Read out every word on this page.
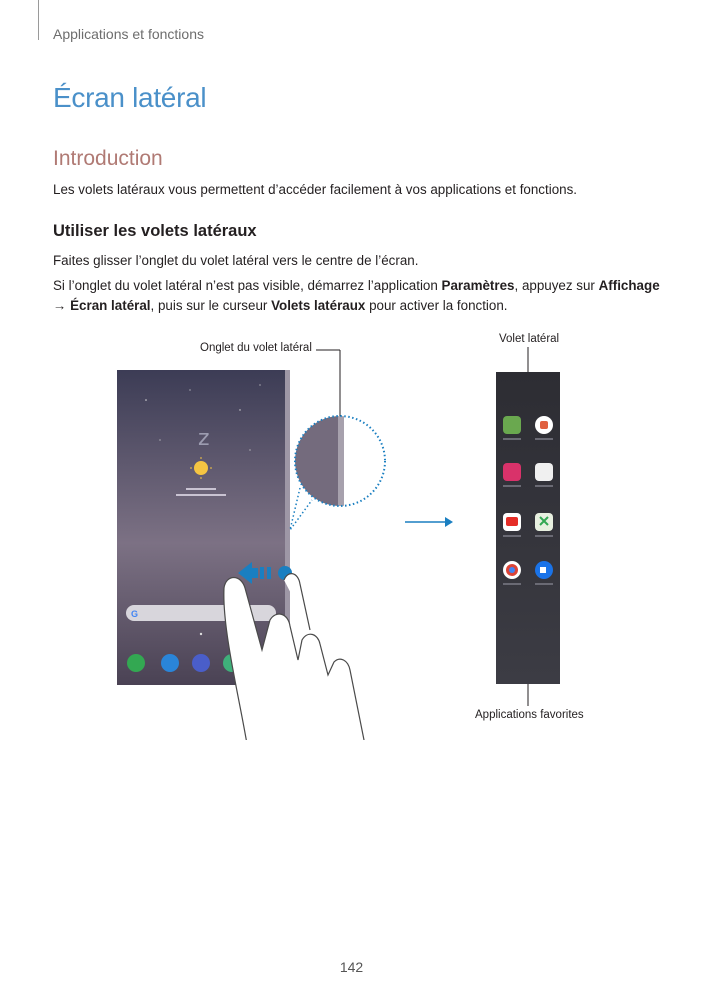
Applications et fonctions
Écran latéral
Introduction

Les volets latéraux vous permettent d’accéder facilement à vos applications et fonctions.

Utiliser les volets latéraux

Faites glisser l’onglet du volet latéral vers le centre de l’écran.

Si l’onglet du volet latéral n’est pas visible, démarrez l’application Paramètres, appuyez sur Affichage

→ Écran latéral, puis sur le curseur Volets latéraux pour activer la fonction.

Onglet du volet latéral
Volet latéral
Applications favorites
z
G
142
